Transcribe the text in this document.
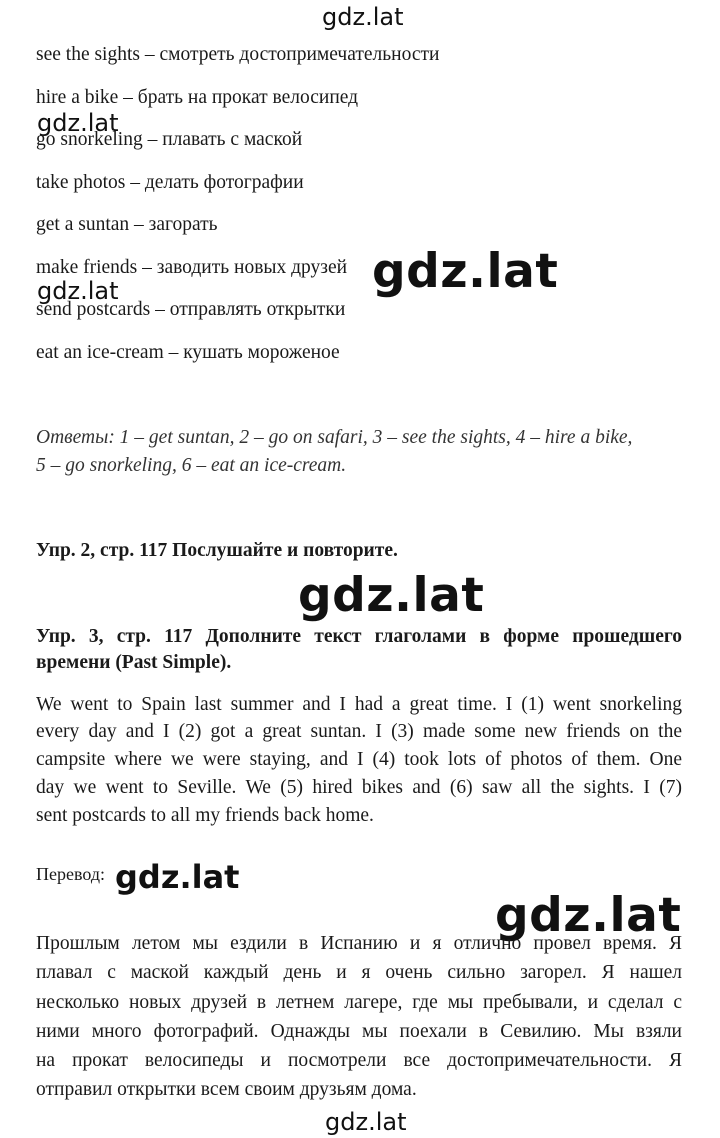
gdz.lat
see the sights – смотреть достопримечательности
hire a bike – брать на прокат велосипед
gdz.lat
go snorkeling – плавать с маской
take photos – делать фотографии
get a suntan – загорать
make friends – заводить новых друзей gdz.lat
gdz.lat
send postcards – отправлять открытки
eat an ice-cream – кушать мороженое
Ответы: 1 – get suntan, 2 – go on safari, 3 – see the sights, 4 – hire a bike,
5 – go snorkeling, 6 – eat an ice-cream.
Упр. 2, стр. 117 Послушайте и повторите.
gdz.lat
Упр. 3, стр. 117 Дополните текст глаголами в форме прошедшего
времени (Past Simple).
We went to Spain last summer and I had a great time. I (1) went snorkeling
every day and I (2) got a great suntan. I (3) made some new friends on the
campsite where we were staying, and I (4) took lots of photos of them. One
day we went to Seville. We (5) hired bikes and (6) saw all the sights. I (7)
sent postcards to all my friends back home.
Перевод: gdz.lat
gdz.lat
Прошлым летом мы ездили в Испанию и я отлично провел время. Я
плавал с маской каждый день и я очень сильно загорел. Я нашел
несколько новых друзей в летнем лагере, где мы пребывали, и сделал с
ними много фотографий. Однажды мы поехали в Севилию. Мы взяли
на прокат велосипеды и посмотрели все достопримечательности. Я
отправил открытки всем своим друзьям дома.
gdz.lat
